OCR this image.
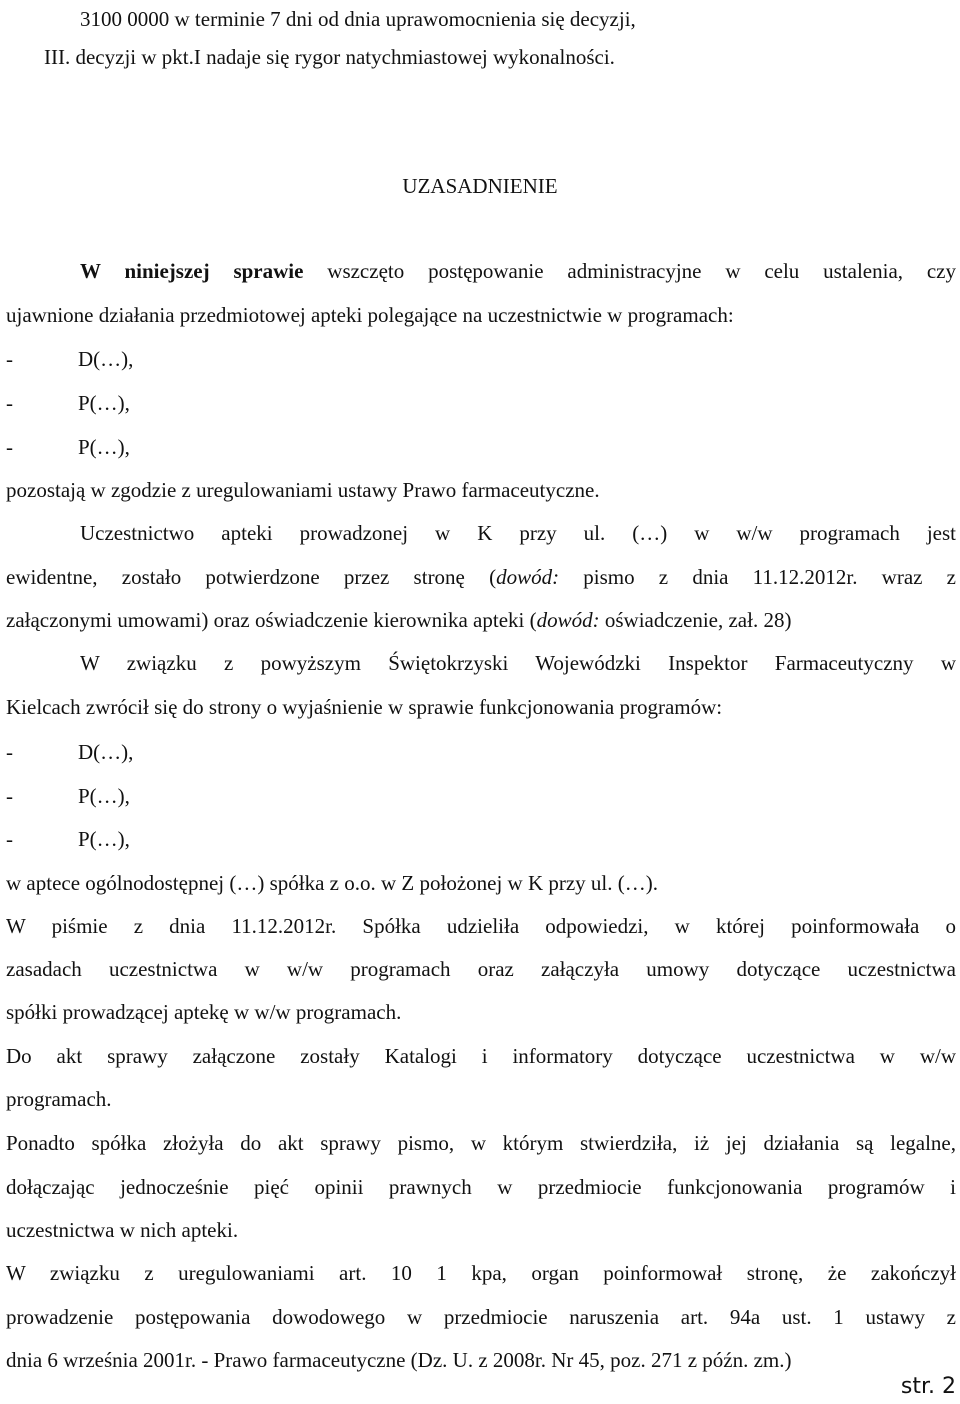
3100 0000 w terminie 7 dni od dnia uprawomocnienia się decyzji,
III. decyzji w pkt.I nadaje się rygor natychmiastowej wykonalności.
UZASADNIENIE
W niniejszej sprawie wszczęto postępowanie administracyjne w celu ustalenia, czy
ujawnione działania przedmiotowej apteki polegające na uczestnictwie w programach:
-	D(…),
-	P(…),
-	P(…),
pozostają w zgodzie z uregulowaniami ustawy Prawo farmaceutyczne.
Uczestnictwo apteki prowadzonej w K przy ul. (…) w w/w programach jest
ewidentne, zostało potwierdzone przez stronę (dowód: pismo z dnia 11.12.2012r. wraz z
załączonymi umowami) oraz oświadczenie kierownika apteki (dowód: oświadczenie, zał. 28)
W związku z powyższym Świętokrzyski Wojewódzki Inspektor Farmaceutyczny w
Kielcach zwrócił się do strony o wyjaśnienie w sprawie funkcjonowania programów:
-	D(…),
-	P(…),
-	P(…),
w aptece ogólnodostępnej (…) spółka z o.o. w Z położonej w K przy ul. (…).
W piśmie z dnia 11.12.2012r. Spółka udzieliła odpowiedzi, w której poinformowała o
zasadach uczestnictwa w w/w programach oraz załączyła umowy dotyczące uczestnictwa
spółki prowadzącej aptekę w w/w programach.
Do akt sprawy załączone zostały Katalogi i informatory dotyczące uczestnictwa w w/w
programach.
Ponadto spółka złożyła do akt sprawy pismo, w którym stwierdziła, iż jej działania są legalne,
dołączając jednocześnie pięć opinii prawnych w przedmiocie funkcjonowania programów i
uczestnictwa w nich apteki.
W związku z uregulowaniami art. 10 1 kpa, organ poinformował stronę, że zakończył
prowadzenie postępowania dowodowego w przedmiocie naruszenia art. 94a ust. 1 ustawy z
dnia 6 września 2001r. - Prawo farmaceutyczne (Dz. U. z 2008r. Nr 45, poz. 271 z późn. zm.)
str. 2
